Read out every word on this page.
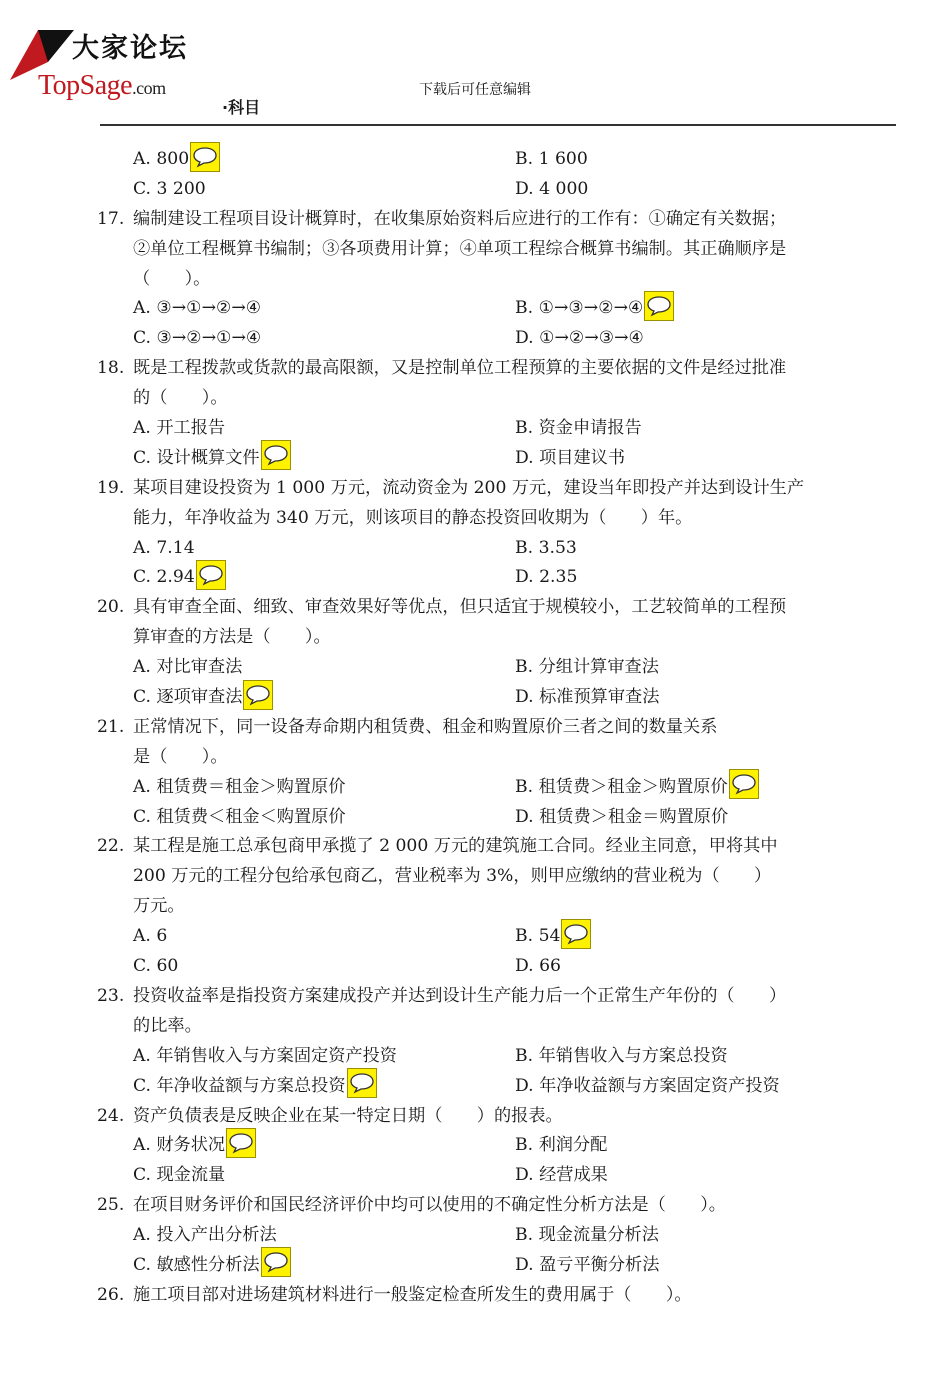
大家论坛
TopSage.com	下载后可任意编辑
·科目
A. 800	B. 1 600
C. 3 200	D. 4 000
17. 编制建设工程项目设计概算时，在收集原始资料后应进行的工作有：①确定有关数据；
②单位工程概算书编制；③各项费用计算；④单项工程综合概算书编制。其正确顺序是
（　　）。
A. ③→①→②→④	B. ①→③→②→④
C. ③→②→①→④	D. ①→②→③→④
18. 既是工程拨款或货款的最高限额，又是控制单位工程预算的主要依据的文件是经过批准
的（　　）。
A. 开工报告	B. 资金申请报告
C. 设计概算文件	D. 项目建议书
19. 某项目建设投资为 1 000 万元，流动资金为 200 万元，建设当年即投产并达到设计生产
能力，年净收益为 340 万元，则该项目的静态投资回收期为（　　）年。
A. 7.14	B. 3.53
C. 2.94	D. 2.35
20. 具有审查全面、细致、审查效果好等优点，但只适宜于规模较小，工艺较简单的工程预
算审查的方法是（　　）。
A. 对比审查法	B. 分组计算审查法
C. 逐项审查法	D. 标准预算审查法
21. 正常情况下，同一设备寿命期内租赁费、租金和购置原价三者之间的数量关系
是（　　）。
A. 租赁费＝租金＞购置原价	B. 租赁费＞租金＞购置原价
C. 租赁费＜租金＜购置原价	D. 租赁费＞租金＝购置原价
22. 某工程是施工总承包商甲承揽了 2 000 万元的建筑施工合同。经业主同意，甲将其中
200 万元的工程分包给承包商乙，营业税率为 3%，则甲应缴纳的营业税为（　　）
万元。
A. 6	B. 54
C. 60	D. 66
23. 投资收益率是指投资方案建成投产并达到设计生产能力后一个正常生产年份的（　　）
的比率。
A. 年销售收入与方案固定资产投资	B. 年销售收入与方案总投资
C. 年净收益额与方案总投资	D. 年净收益额与方案固定资产投资
24. 资产负债表是反映企业在某一特定日期（　　）的报表。
A. 财务状况	B. 利润分配
C. 现金流量	D. 经营成果
25. 在项目财务评价和国民经济评价中均可以使用的不确定性分析方法是（　　）。
A. 投入产出分析法	B. 现金流量分析法
C. 敏感性分析法	D. 盈亏平衡分析法
26. 施工项目部对进场建筑材料进行一般鉴定检查所发生的费用属于（　　）。
